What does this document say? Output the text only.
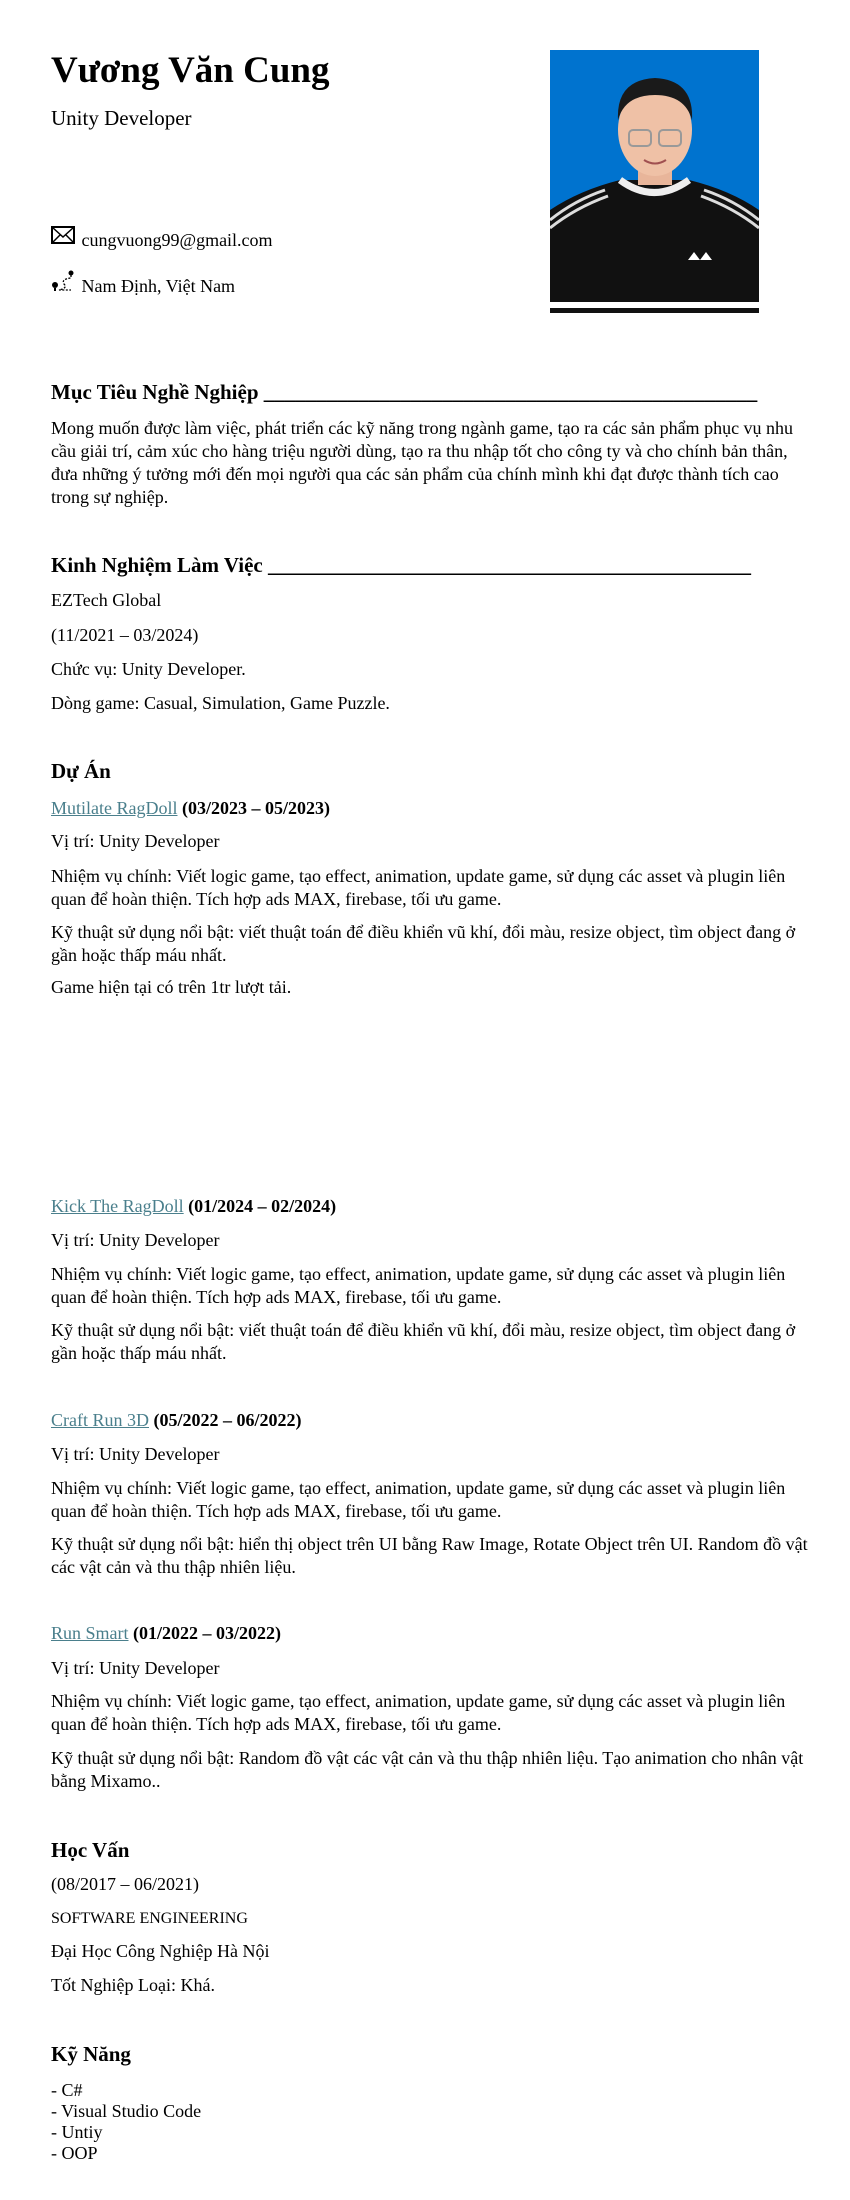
Vương Văn Cung
Unity Developer
cungvuong99@gmail.com
Nam Định, Việt Nam
Mục Tiêu Nghề Nghiệp _______________________________________________
Mong muốn được làm việc, phát triển các kỹ năng trong ngành game, tạo ra các sản phẩm phục vụ nhu cầu giải trí, cảm xúc cho hàng triệu người dùng, tạo ra thu nhập tốt cho công ty và cho chính bản thân, đưa những ý tưởng mới đến mọi người qua các sản phẩm của chính mình khi đạt được thành tích cao trong sự nghiệp.
Kinh Nghiệm Làm Việc ______________________________________________
EZTech Global
(11/2021 – 03/2024)
Chức vụ: Unity Developer.
Dòng game: Casual, Simulation, Game Puzzle.
Dự Án
Mutilate RagDoll (03/2023 – 05/2023)
Vị trí: Unity Developer
Nhiệm vụ chính: Viết logic game, tạo effect, animation, update game, sử dụng các asset và plugin liên quan để hoàn thiện. Tích hợp ads MAX, firebase, tối ưu game.
Kỹ thuật sử dụng nổi bật: viết thuật toán để điều khiển vũ khí, đổi màu, resize object, tìm object đang ở gần hoặc thấp máu nhất.
Game hiện tại có trên 1tr lượt tải.
Kick The RagDoll (01/2024 – 02/2024)
Vị trí: Unity Developer
Nhiệm vụ chính: Viết logic game, tạo effect, animation, update game, sử dụng các asset và plugin liên quan để hoàn thiện. Tích hợp ads MAX, firebase, tối ưu game.
Kỹ thuật sử dụng nổi bật: viết thuật toán để điều khiển vũ khí, đổi màu, resize object, tìm object đang ở gần hoặc thấp máu nhất.
Craft Run 3D (05/2022 – 06/2022)
Vị trí: Unity Developer
Nhiệm vụ chính: Viết logic game, tạo effect, animation, update game, sử dụng các asset và plugin liên quan để hoàn thiện. Tích hợp ads MAX, firebase, tối ưu game.
Kỹ thuật sử dụng nổi bật: hiển thị object trên UI bằng Raw Image, Rotate Object trên UI. Random đồ vật các vật cản và thu thập nhiên liệu.
Run Smart (01/2022 – 03/2022)
Vị trí: Unity Developer
Nhiệm vụ chính: Viết logic game, tạo effect, animation, update game, sử dụng các asset và plugin liên quan để hoàn thiện. Tích hợp ads MAX, firebase, tối ưu game.
Kỹ thuật sử dụng nổi bật: Random đồ vật các vật cản và thu thập nhiên liệu. Tạo animation cho nhân vật bằng Mixamo..
Học Vấn
(08/2017 – 06/2021)
SOFTWARE ENGINEERING
Đại Học Công Nghiệp Hà Nội
Tốt Nghiệp Loại: Khá.
Kỹ Năng
- C#
- Visual Studio Code
- Untiy
- OOP
